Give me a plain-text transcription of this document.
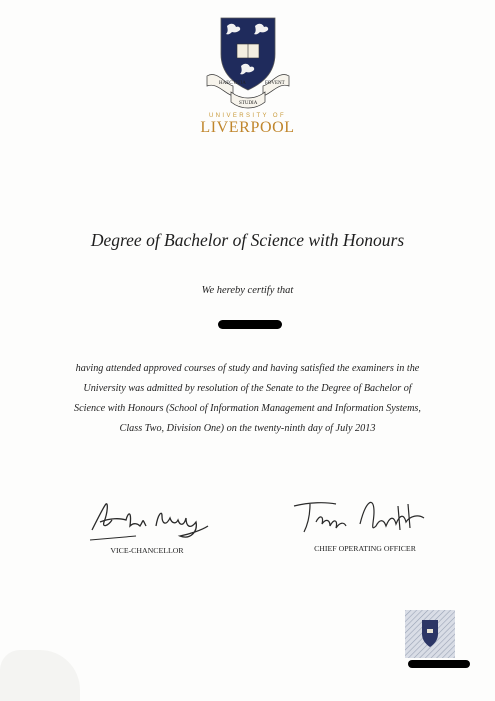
HAEC OTIA	FOVENT
STUDIA
UNIVERSITY OF
LIVERPOOL
Degree of Bachelor of Science with Honours
We hereby certify that
having attended approved courses of study and having satisfied the examiners in the University was admitted by resolution of the Senate to the Degree of Bachelor of Science with Honours (School of Information Management and Information Systems, Class Two, Division One) on the twenty-ninth day of July 2013
VICE-CHANCELLOR	CHIEF OPERATING OFFICER
